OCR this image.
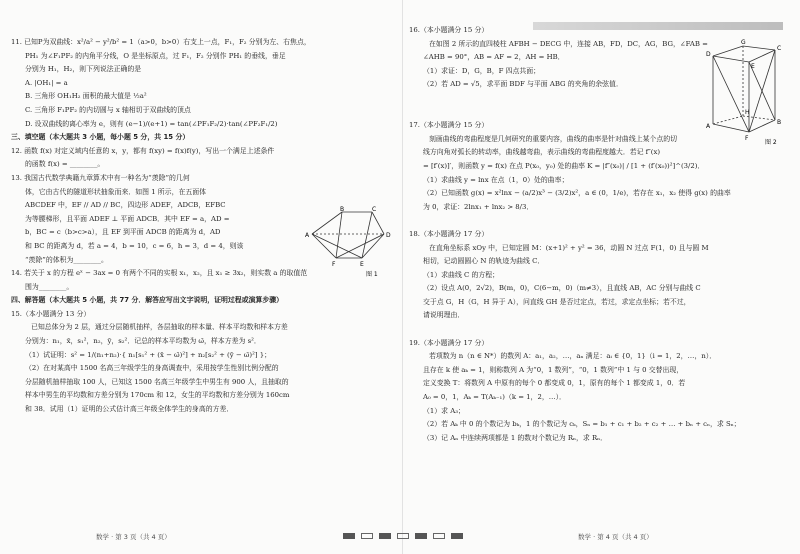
11. 已知P为双曲线：x²/a² − y²/b² = 1（a>0，b>0）右支上一点，F₁，F₂ 分别为左、右焦点，
PH₁ 为∠F₁PF₂ 的内角平分线，O 是坐标原点，过 F₁，F₂ 分别作 PH₁ 的垂线，垂足
分别为 H₁，H₂，则下列说法正确的是
A. |OH₁| = a
B. 三角形 OH₁H₂ 面积的最大值是 ½a²
C. 三角形 F₁PF₂ 的内切圆与 x 轴相切于双曲线的顶点
D. 设双曲线的离心率为 e，则有 (e−1)/(e+1) = tan(∠PF₁F₂/2)·tan(∠PF₂F₁/2)
三、填空题（本大题共 3 小题，每小题 5 分，共 15 分）
12. 函数 f(x) 对定义域内任意的 x，y，都有 f(xy) = f(x)f(y)，写出一个满足上述条件
的函数 f(x) = ________。
13. 我国古代数学典籍九章算术中有一种名为“羡除”的几何
体，它由古代的隧道形状抽象而来．如图 1 所示，在五面体
ABCDEF 中，EF // AD // BC，四边形 ADEF，ADCB，EFBC
为等腰梯形，且平面 ADEF ⊥ 平面 ADCB．其中 EF = a，AD =
b，BC = c（b>c>a），且 EF 到平面 ADCB 的距离为 d，AD
和 BC 的距离为 d，若 a = 4，b = 10，c = 6，h = 3，d = 4，则该
“羡除”的体积为________。
14. 若关于 x 的方程 eˣ − 3ax = 0 有两个不同的实根 x₁，x₂，且 x₁ ≥ 3x₂，则实数 a 的取值范
围为________。
四、解答题（本大题共 5 小题，共 77 分．解答应写出文字说明，证明过程或演算步骤）
15.（本小题满分 13 分）
已知总体分为 2 层，通过分层随机抽样，各层抽取的样本量、样本平均数和样本方差
分别为：n₁，x̄，s₁²，n₂，ȳ，s₂²．记总的样本平均数为 ω̄，样本方差为 s²．
（1）试证明：s² = 1/(n₁+n₂)·{ n₁[s₁² + (x̄ − ω̄)²] + n₂[s₂² + (ȳ − ω̄)²] }；
（2）在对某高中 1500 名高三年级学生的身高调查中，采用按学生性别比例分配的
分层随机抽样抽取 100 人，已知这 1500 名高三年级学生中男生有 900 人，且抽取的
样本中男生的平均数和方差分别为 170cm 和 12，女生的平均数和方差分别为 160cm
和 38．试用（1）证明的公式估计高三年级全体学生的身高的方差．
16.（本小题满分 15 分）
在如图 2 所示的直四棱柱 AFBH − DECG 中，连接 AB，FD，DC，AG，BG，∠FAB =
∠AHB = 90°，AB = AF = 2，AH = HB．
（1）求证：D，G，B，F 四点共面；
（2）若 AD = √5，求平面 BDF 与平面 ABG 的夹角的余弦值．
17.（本小题满分 15 分）
刻画曲线的弯曲程度是几何研究的重要内容，曲线的曲率是针对曲线上某个点的切
线方向角对弧长的转动率，曲线越弯曲，表示曲线的弯曲程度越大．若记 f″(x)
= [f′(x)]′，则函数 y = f(x) 在点 P(x₀，y₀) 处的曲率 K = |f″(x₀)| / [1 + (f′(x₀))²]^(3/2)．
（1）求曲线 y = lnx 在点（1，0）处的曲率；
（2）已知函数 g(x) = x²lnx − (a/2)x³ − (3/2)x²，a ∈ (0，1/e)，若存在 x₁，x₂ 使得 g(x) 的曲率
为 0，求证：2lnx₁ + lnx₂ > 8/3．
18.（本小题满分 17 分）
在直角坐标系 xOy 中，已知定圆 M：(x+1)² + y² = 36，动圆 N 过点 F(1，0) 且与圆 M
相切，记动圆圆心 N 的轨迹为曲线 C．
（1）求曲线 C 的方程；
（2）设点 A(0，2√2)，B(m，0)，C(6−m，0)（m≠3），且直线 AB，AC 分别与曲线 C
交于点 G，H（G，H 异于 A），问直线 GH 是否过定点，若过，求定点坐标；若不过，
请说明理由．
19.（本小题满分 17 分）
若项数为 n（n ∈ N*）的数列 A：a₁，a₂，…，aₙ 满足：aᵢ ∈ {0，1}（i = 1，2，…，n）．
且存在 k 使 aₖ = 1，则称数列 A 为“0，1 数列”，“0，1 数列”中 1 与 0 交替出现，
定义变换 T：将数列 A 中原有的每个 0 都变成 0，1，原有的每个 1 都变成 1，0．若
A₀ = 0，1，Aₖ = T(Aₖ₋₁)（k = 1，2，…）．
（1）求 A₃；
（2）若 Aₖ 中 0 的个数记为 bₖ，1 的个数记为 cₖ，Sₙ = b₁ + c₁ + b₂ + c₂ + … + bₙ + cₙ，求 Sₙ；
（3）记 Aₙ 中连续两项都是 1 的数对个数记为 Rₙ，求 Rₙ．
B	C
A	D
F	E
图 1
D
G
C
E
A
F
B
H
图 2
数学 · 第 3 页（共 4 页）	数学 · 第 4 页（共 4 页）
